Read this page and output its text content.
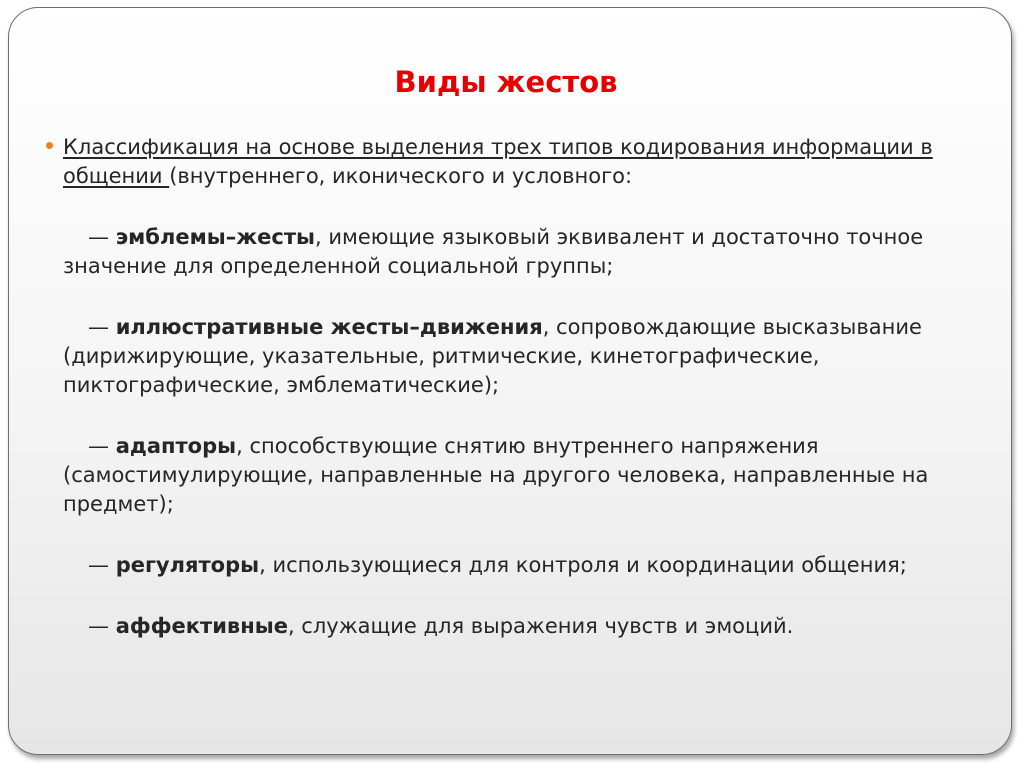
Виды жестов
Классификация на основе выделения трех типов кодирования информации в общении (внутреннего, иконического и условного:
— эмблемы–жесты, имеющие языковый эквивалент и достаточно точное значение для определенной социальной группы;
— иллюстративные жесты–движения, сопровождающие высказывание (дирижирующие, указательные, ритмические, кинетографические, пиктографические, эмблематические);
— адапторы, способствующие снятию внутреннего напряжения (самостимулирующие, направленные на другого человека, направленные на предмет);
— регуляторы, использующиеся для контроля и координации общения;
— аффективные, служащие для выражения чувств и эмоций.
